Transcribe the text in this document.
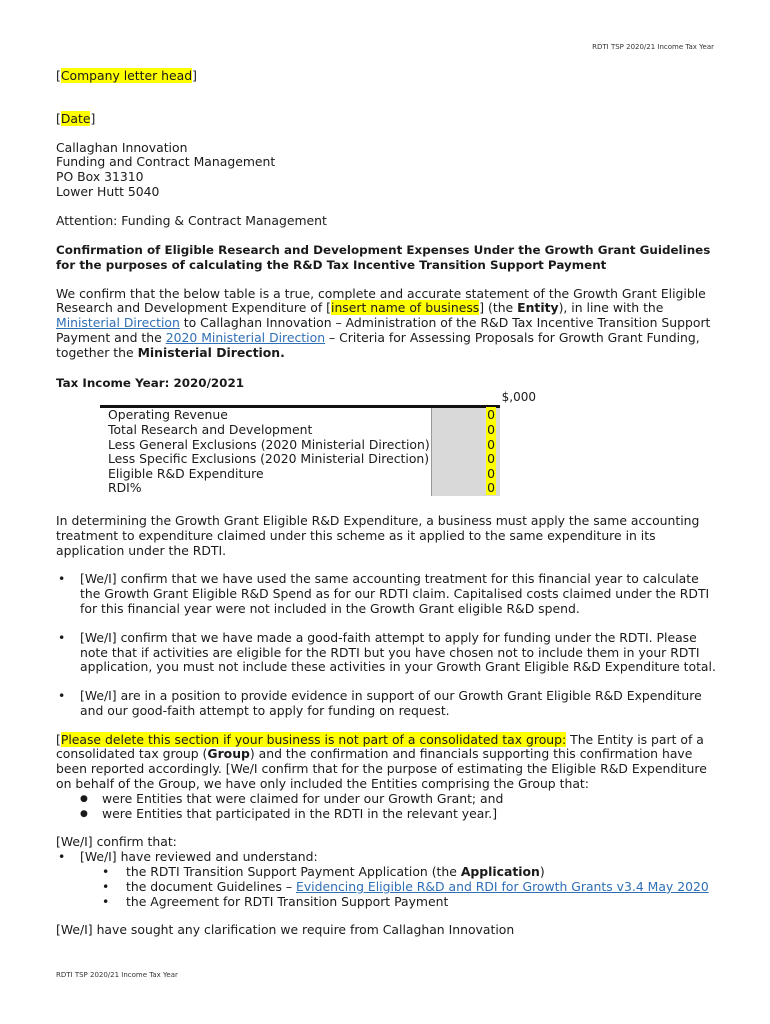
RDTI TSP 2020/21 Income Tax Year

[Company letter head]

[Date]

Callaghan Innovation

Funding and Contract Management

PO Box 31310

Lower Hutt 5040

Attention: Funding & Contract Management

Confirmation of Eligible Research and Development Expenses Under the Growth Grant Guidelines for the purposes of calculating the R&D Tax Incentive Transition Support Payment

We confirm that the below table is a true, complete and accurate statement of the Growth Grant Eligible Research and Development Expenditure of [insert name of business] (the Entity), in line with the Ministerial Direction to Callaghan Innovation – Administration of the R&D Tax Incentive Transition Support Payment and the 2020 Ministerial Direction – Criteria for Assessing Proposals for Growth Grant Funding, together the Ministerial Direction.

Tax Income Year: 2020/2021

$,000
Operating Revenue	0
Total Research and Development	0
Less General Exclusions (2020 Ministerial Direction)	0
Less Specific Exclusions (2020 Ministerial Direction)	0
Eligible R&D Expenditure	0
RDI%	0

In determining the Growth Grant Eligible R&D Expenditure, a business must apply the same accounting treatment to expenditure claimed under this scheme as it applied to the same expenditure in its application under the RDTI.

• [We/I] confirm that we have used the same accounting treatment for this financial year to calculate the Growth Grant Eligible R&D Spend as for our RDTI claim. Capitalised costs claimed under the RDTI for this financial year were not included in the Growth Grant eligible R&D spend.
• [We/I] confirm that we have made a good-faith attempt to apply for funding under the RDTI. Please note that if activities are eligible for the RDTI but you have chosen not to include them in your RDTI application, you must not include these activities in your Growth Grant Eligible R&D Expenditure total.
• [We/I] are in a position to provide evidence in support of our Growth Grant Eligible R&D Expenditure and our good-faith attempt to apply for funding on request.

[Please delete this section if your business is not part of a consolidated tax group: The Entity is part of a consolidated tax group (Group) and the confirmation and financials supporting this confirmation have been reported accordingly. [We/I confirm that for the purpose of estimating the Eligible R&D Expenditure on behalf of the Group, we have only included the Entities comprising the Group that:

● were Entities that were claimed for under our Growth Grant; and
● were Entities that participated in the RDTI in the relevant year.]

[We/I] confirm that:

• [We/I] have reviewed and understand:
• the RDTI Transition Support Payment Application (the Application)
• the document Guidelines – Evidencing Eligible R&D and RDI for Growth Grants v3.4 May 2020
• the Agreement for RDTI Transition Support Payment

[We/I] have sought any clarification we require from Callaghan Innovation

RDTI TSP 2020/21 Income Tax Year
